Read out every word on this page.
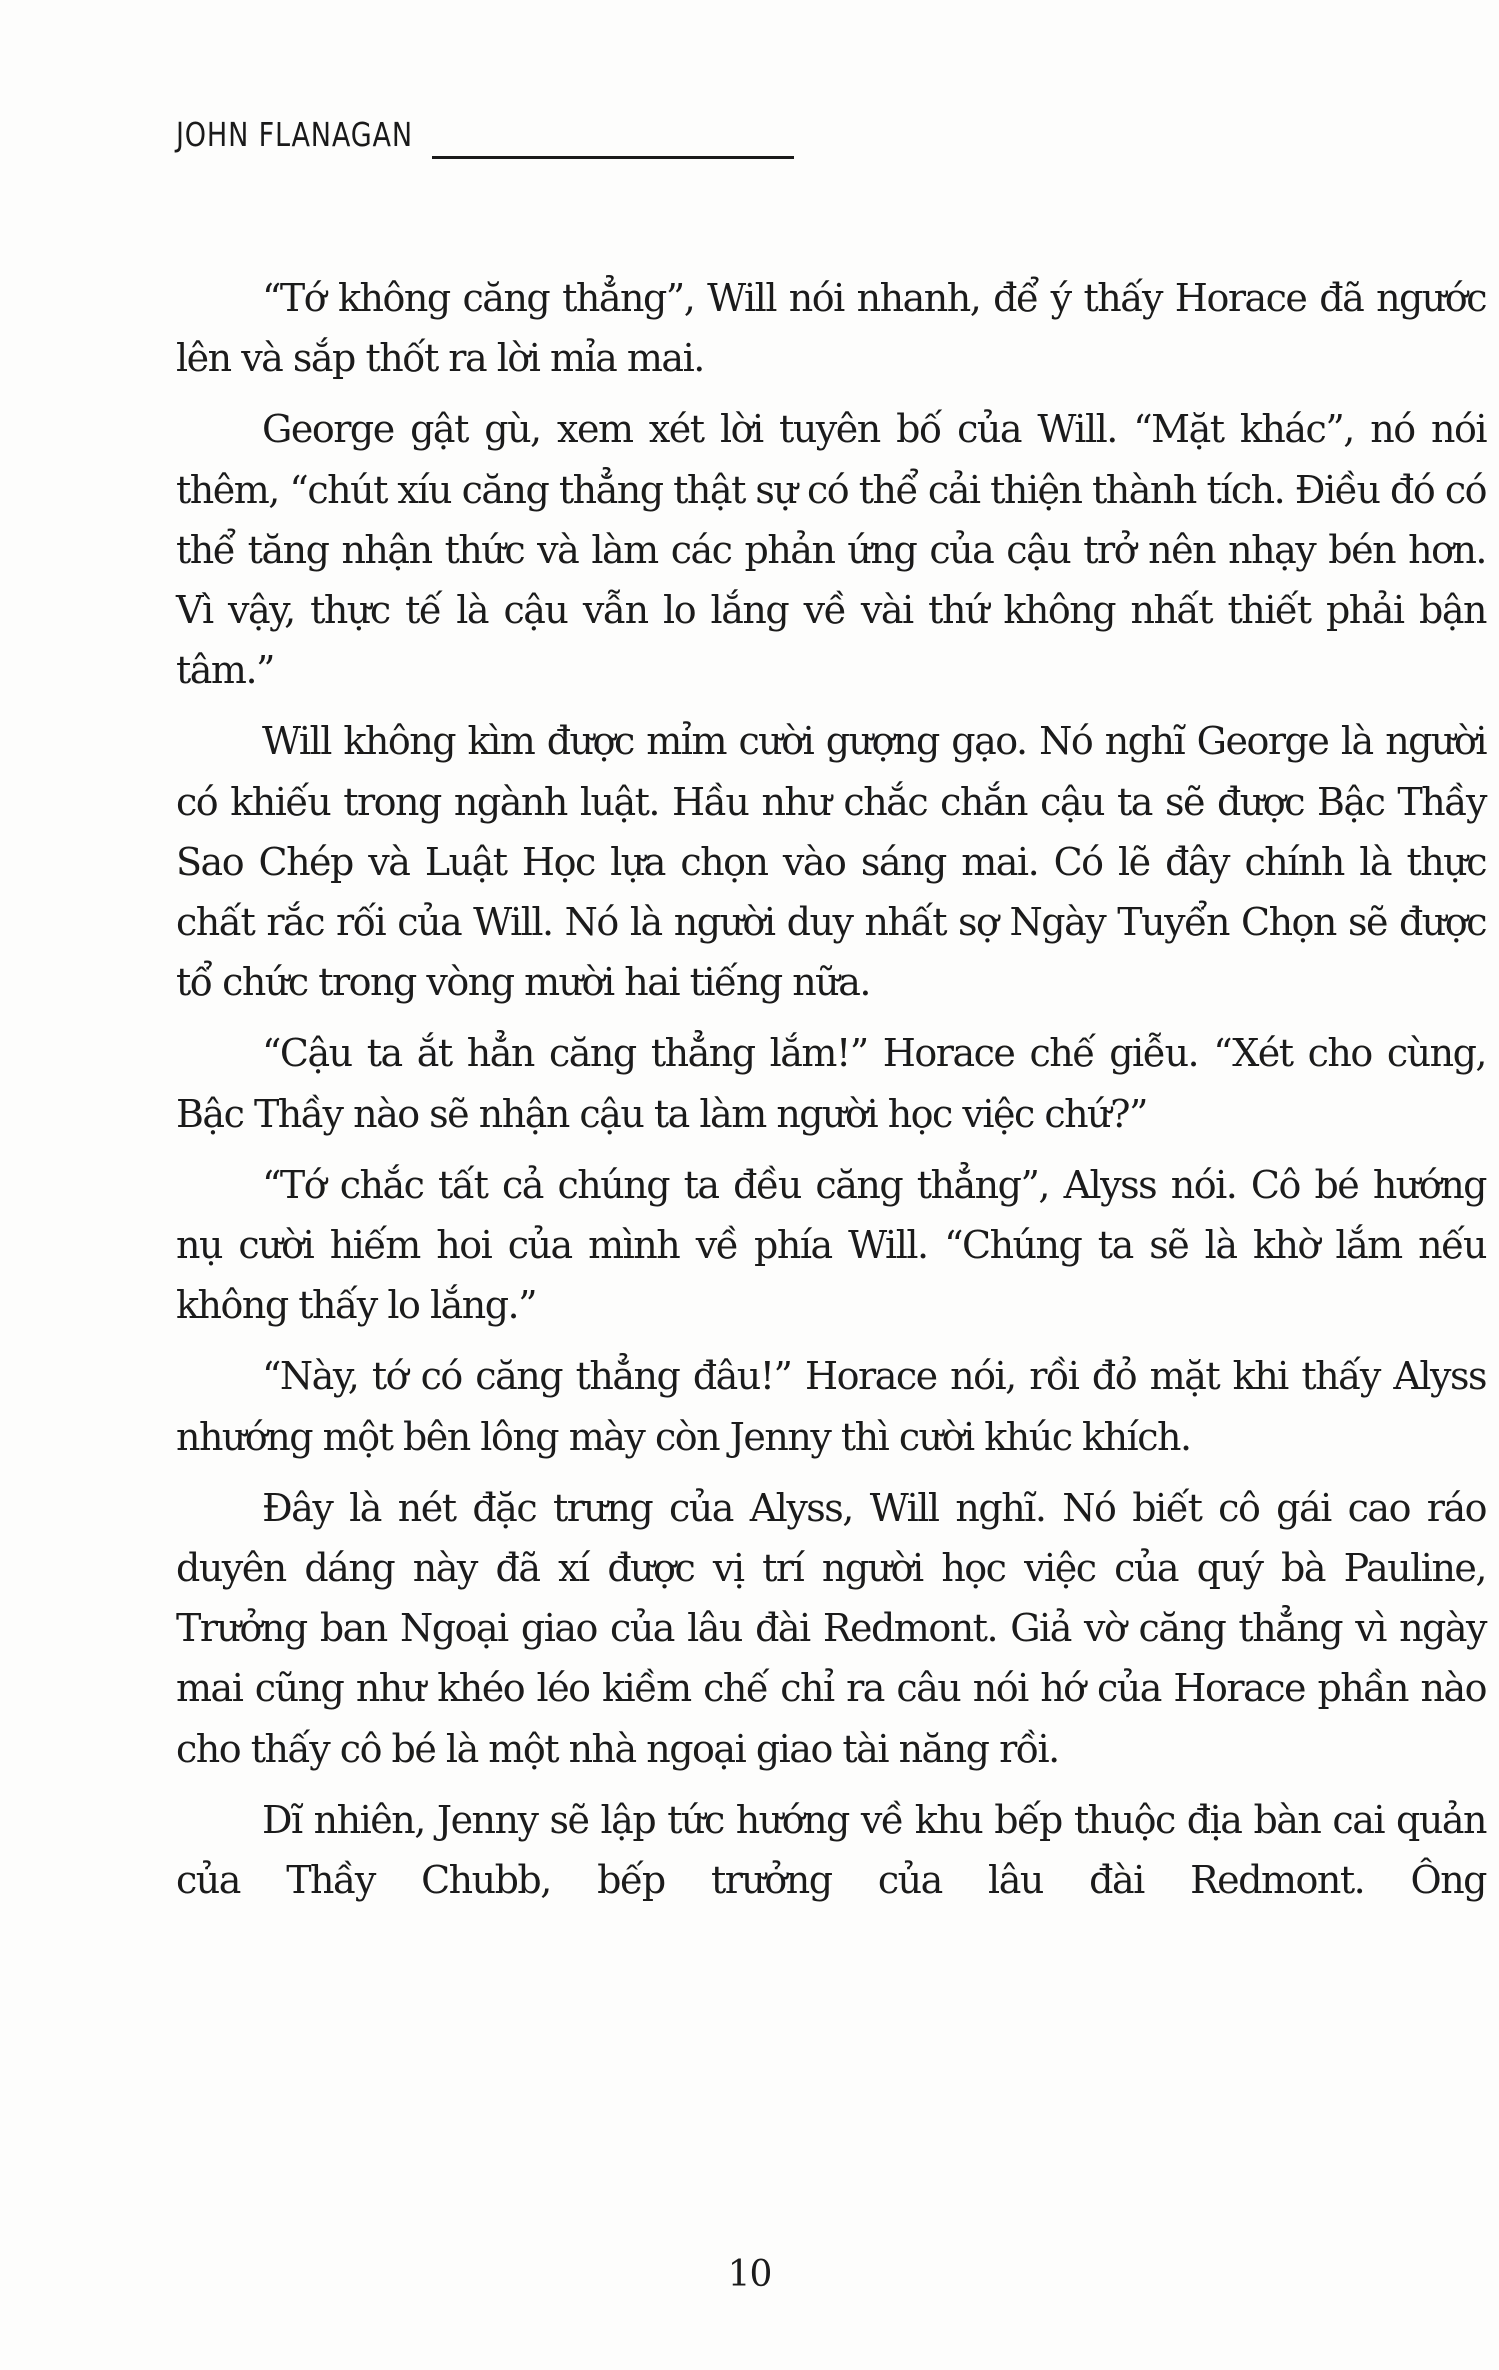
JOHN FLANAGAN

“Tớ không căng thẳng”, Will nói nhanh, để ý thấy Horace đã ngước lên và sắp thốt ra lời mỉa mai.

George gật gù, xem xét lời tuyên bố của Will. “Mặt khác”, nó nói thêm, “chút xíu căng thẳng thật sự có thể cải thiện thành tích. Điều đó có thể tăng nhận thức và làm các phản ứng của cậu trở nên nhạy bén hơn. Vì vậy, thực tế là cậu vẫn lo lắng về vài thứ không nhất thiết phải bận tâm.”

Will không kìm được mỉm cười gượng gạo. Nó nghĩ George là người có khiếu trong ngành luật. Hầu như chắc chắn cậu ta sẽ được Bậc Thầy Sao Chép và Luật Học lựa chọn vào sáng mai. Có lẽ đây chính là thực chất rắc rối của Will. Nó là người duy nhất sợ Ngày Tuyển Chọn sẽ được tổ chức trong vòng mười hai tiếng nữa.

“Cậu ta ắt hẳn căng thẳng lắm!” Horace chế giễu. “Xét cho cùng, Bậc Thầy nào sẽ nhận cậu ta làm người học việc chứ?”

“Tớ chắc tất cả chúng ta đều căng thẳng”, Alyss nói. Cô bé hướng nụ cười hiếm hoi của mình về phía Will. “Chúng ta sẽ là khờ lắm nếu không thấy lo lắng.”

“Này, tớ có căng thẳng đâu!” Horace nói, rồi đỏ mặt khi thấy Alyss nhướng một bên lông mày còn Jenny thì cười khúc khích.

Đây là nét đặc trưng của Alyss, Will nghĩ. Nó biết cô gái cao ráo duyên dáng này đã xí được vị trí người học việc của quý bà Pauline, Trưởng ban Ngoại giao của lâu đài Redmont. Giả vờ căng thẳng vì ngày mai cũng như khéo léo kiềm chế chỉ ra câu nói hớ của Horace phần nào cho thấy cô bé là một nhà ngoại giao tài năng rồi.

Dĩ nhiên, Jenny sẽ lập tức hướng về khu bếp thuộc địa bàn cai quản của Thầy Chubb, bếp trưởng của lâu đài Redmont. Ông

10
